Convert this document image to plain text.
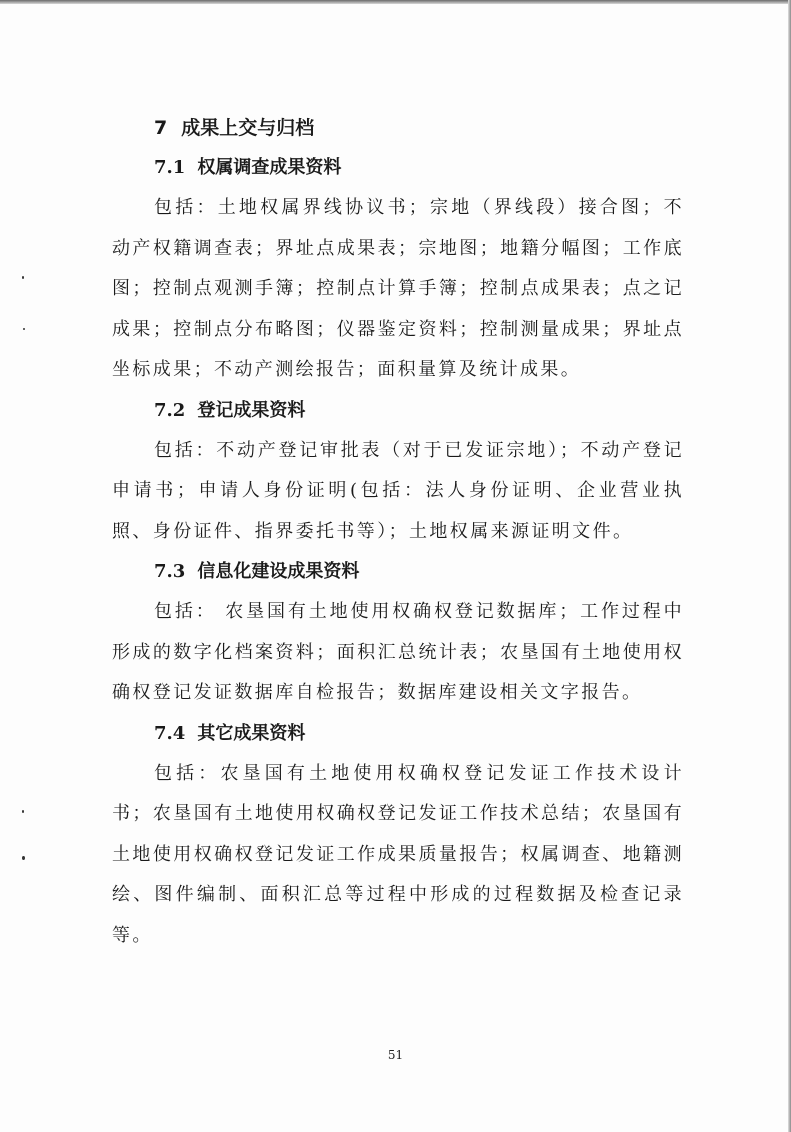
7 成果上交与归档
7.1 权属调查成果资料

包括：土地权属界线协议书；宗地（界线段）接合图；不动产权籍调查表；界址点成果表；宗地图；地籍分幅图；工作底图；控制点观测手簿；控制点计算手簿；控制点成果表；点之记成果；控制点分布略图；仪器鉴定资料；控制测量成果；界址点坐标成果；不动产测绘报告；面积量算及统计成果。

7.2 登记成果资料

包括：不动产登记审批表（对于已发证宗地）；不动产登记申请书；申请人身份证明(包括：法人身份证明、企业营业执照、身份证件、指界委托书等）；土地权属来源证明文件。

7.3 信息化建设成果资料

包括： 农垦国有土地使用权确权登记数据库；工作过程中形成的数字化档案资料；面积汇总统计表；农垦国有土地使用权确权登记发证数据库自检报告；数据库建设相关文字报告。

7.4 其它成果资料

包括：农垦国有土地使用权确权登记发证工作技术设计书；农垦国有土地使用权确权登记发证工作技术总结；农垦国有土地使用权确权登记发证工作成果质量报告；权属调查、地籍测绘、图件编制、面积汇总等过程中形成的过程数据及检查记录等。

51
